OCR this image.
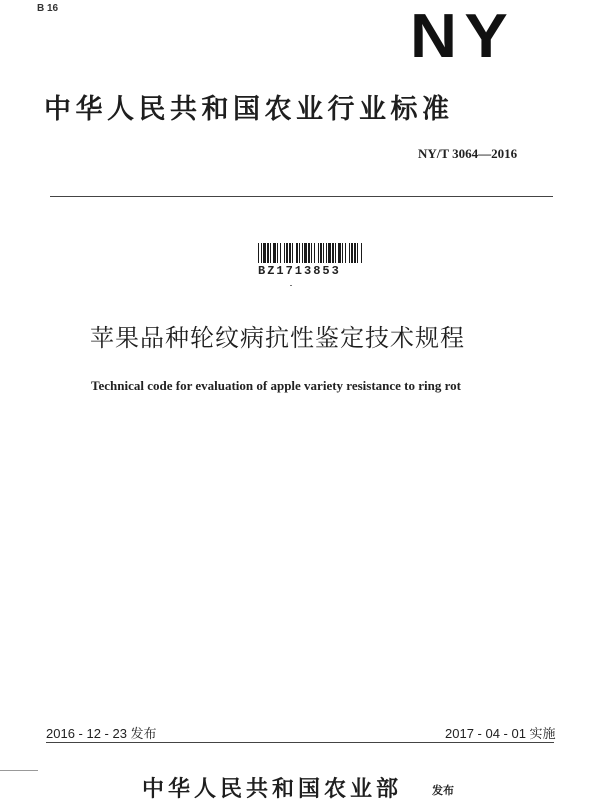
B 16	NY
中华人民共和国农业行业标准
NY/T 3064—2016
BZ1713853
苹果品种轮纹病抗性鉴定技术规程
Technical code for evaluation of apple variety resistance to ring rot
2016 - 12 - 23 发布	2017 - 04 - 01 实施
中华人民共和国农业部	发布
